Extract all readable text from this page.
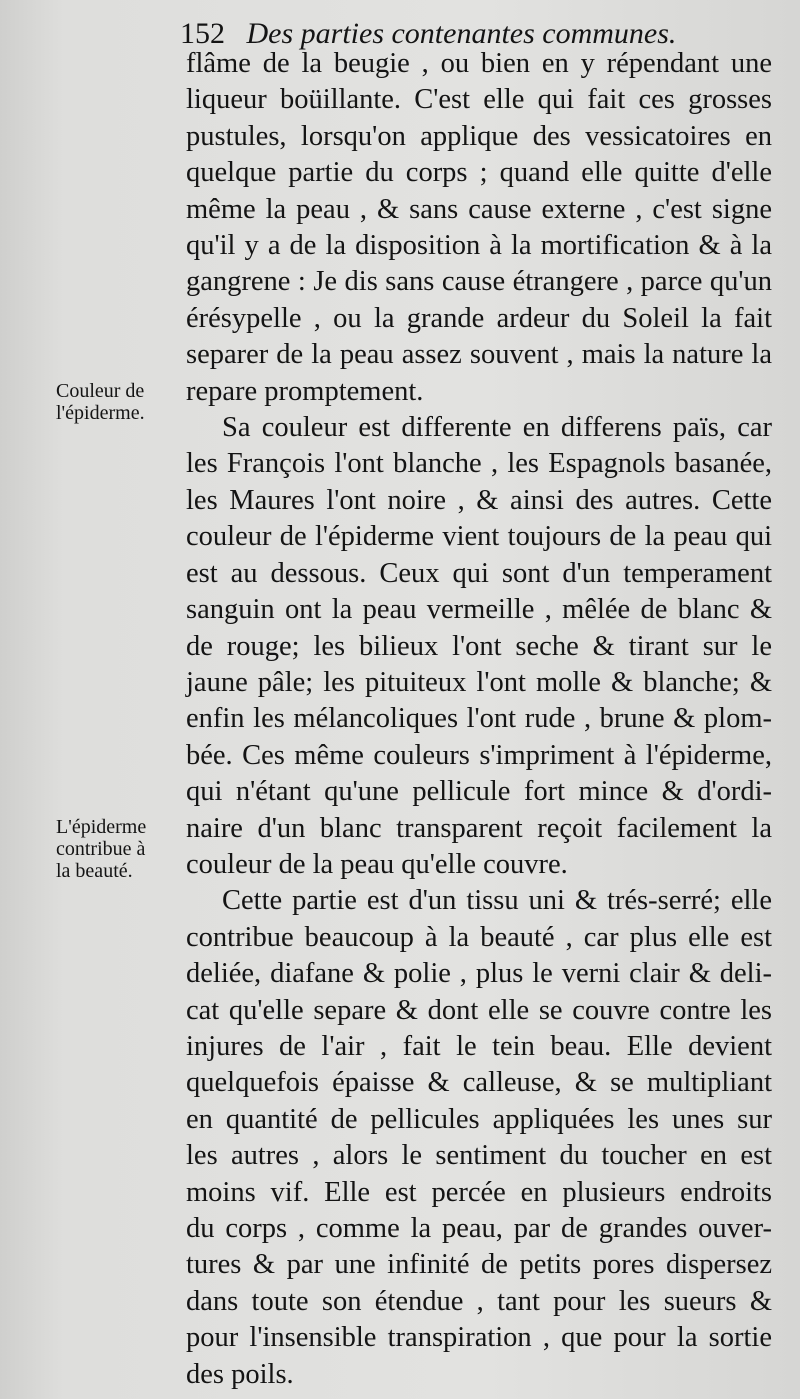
152 Des parties contenantes communes.
Couleur de
l'épiderme.
L'épiderme
contribue à
la beauté.
flâme de la beugie , ou bien en y répendant une
liqueur boüillante. C'est elle qui fait ces grosses
pustules, lorsqu'on applique des vessicatoires en
quelque partie du corps ; quand elle quitte d'elle
même la peau , & sans cause externe , c'est signe
qu'il y a de la disposition à la mortification & à la
gangrene : Je dis sans cause étrangere , parce qu'un
érésypelle , ou la grande ardeur du Soleil la fait
separer de la peau assez souvent , mais la nature la
repare promptement.
Sa couleur est differente en differens païs, car
les François l'ont blanche , les Espagnols basanée,
les Maures l'ont noire , & ainsi des autres. Cette
couleur de l'épiderme vient toujours de la peau qui
est au dessous. Ceux qui sont d'un temperament
sanguin ont la peau vermeille , mêlée de blanc &
de rouge; les bilieux l'ont seche & tirant sur le
jaune pâle; les pituiteux l'ont molle & blanche; &
enfin les mélancoliques l'ont rude , brune & plom-
bée. Ces même couleurs s'impriment à l'épiderme,
qui n'étant qu'une pellicule fort mince & d'ordi-
naire d'un blanc transparent reçoit facilement la
couleur de la peau qu'elle couvre.
Cette partie est d'un tissu uni & trés-serré; elle
contribue beaucoup à la beauté , car plus elle est
deliée, diafane & polie , plus le verni clair & deli-
cat qu'elle separe & dont elle se couvre contre les
injures de l'air , fait le tein beau. Elle devient
quelquefois épaisse & calleuse, & se multipliant
en quantité de pellicules appliquées les unes sur
les autres , alors le sentiment du toucher en est
moins vif. Elle est percée en plusieurs endroits
du corps , comme la peau, par de grandes ouver-
tures & par une infinité de petits pores dispersez
dans toute son étendue , tant pour les sueurs &
pour l'insensible transpiration , que pour la sortie
des poils.
